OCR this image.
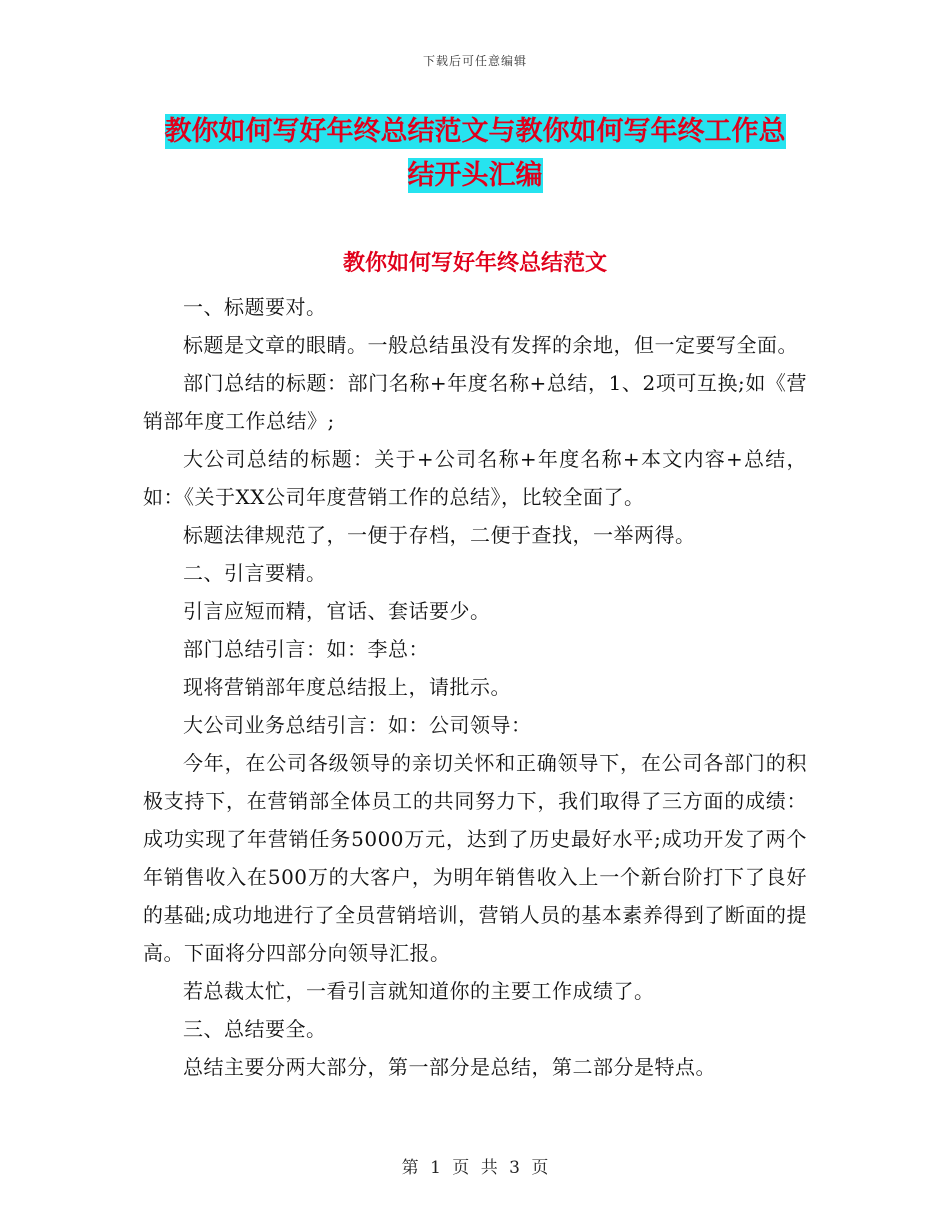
下载后可任意编辑
教你如何写好年终总结范文与教你如何写年终工作总
结开头汇编
教你如何写好年终总结范文

一、标题要对。

标题是文章的眼睛。一般总结虽没有发挥的余地，但一定要写全面。

部门总结的标题：部门名称+年度名称+总结，1、2项可互换;如《营销部年度工作总结》;

大公司总结的标题：关于+公司名称+年度名称+本文内容+总结，如：《关于XX公司年度营销工作的总结》，比较全面了。

标题法律规范了，一便于存档，二便于查找，一举两得。

二、引言要精。

引言应短而精，官话、套话要少。

部门总结引言：如：李总：

现将营销部年度总结报上，请批示。

大公司业务总结引言：如：公司领导：

今年，在公司各级领导的亲切关怀和正确领导下，在公司各部门的积极支持下，在营销部全体员工的共同努力下，我们取得了三方面的成绩：成功实现了年营销任务5000万元，达到了历史最好水平;成功开发了两个年销售收入在500万的大客户，为明年销售收入上一个新台阶打下了良好的基础;成功地进行了全员营销培训，营销人员的基本素养得到了断面的提高。下面将分四部分向领导汇报。

若总裁太忙，一看引言就知道你的主要工作成绩了。

三、总结要全。

总结主要分两大部分，第一部分是总结，第二部分是特点。

第 1 页 共 3 页
